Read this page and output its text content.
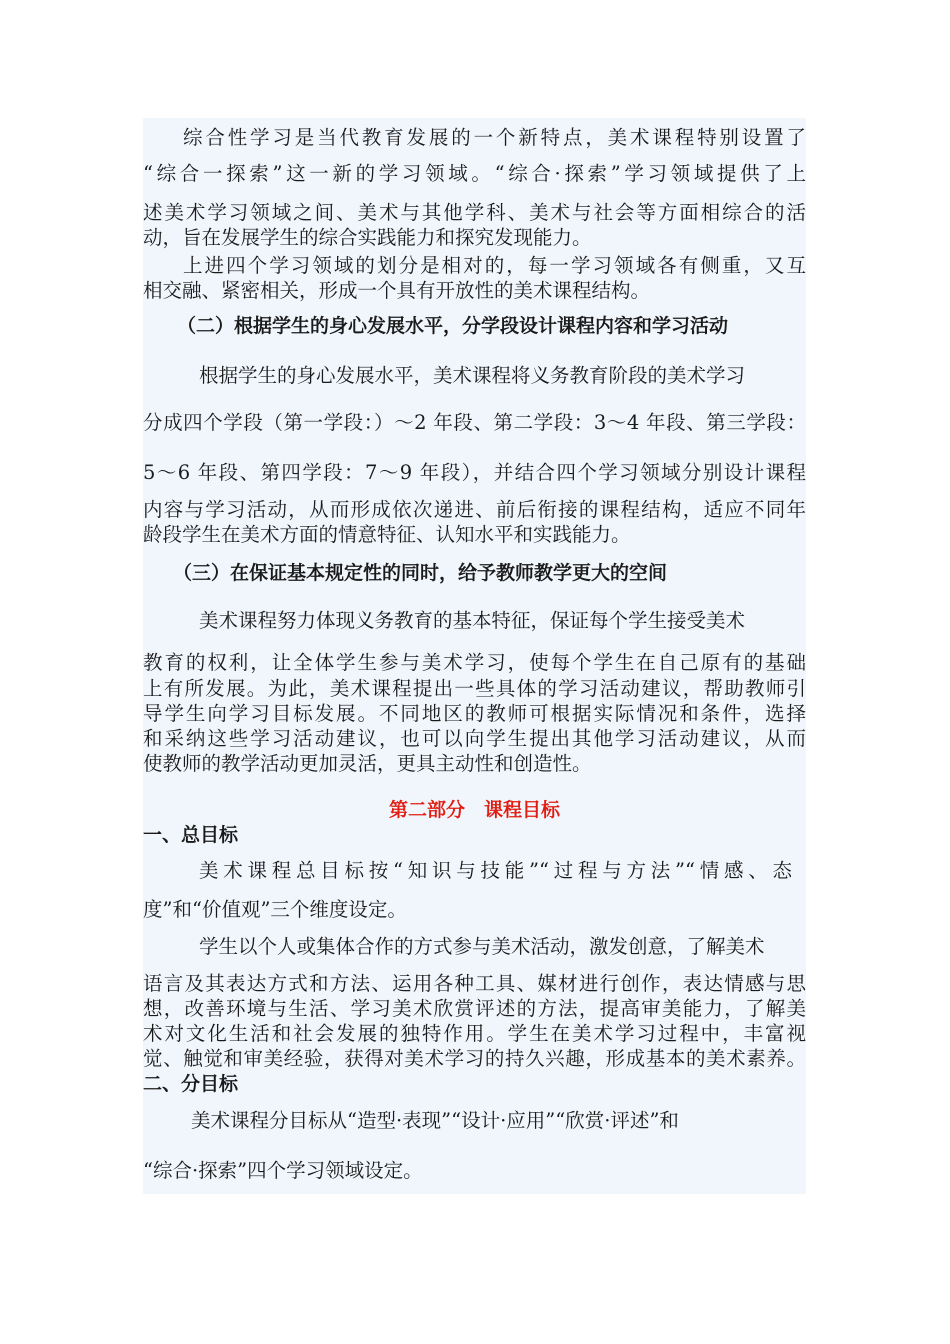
综合性学习是当代教育发展的一个新特点，美术课程特别设置了
“综合一探索”这一新的学习领域。“综合·探索”学习领域提供了上
述美术学习领域之间、美术与其他学科、美术与社会等方面相综合的活
动，旨在发展学生的综合实践能力和探究发现能力。
上进四个学习领域的划分是相对的，每一学习领域各有侧重，又互
相交融、紧密相关，形成一个具有开放性的美术课程结构。
（二）根据学生的身心发展水平，分学段设计课程内容和学习活动
根据学生的身心发展水平，美术课程将义务教育阶段的美术学习
分成四个学段（第一学段：）～2 年段、第二学段：3～4 年段、第三学段：
5～6 年段、第四学段：7～9 年段），并结合四个学习领域分别设计课程
内容与学习活动，从而形成依次递进、前后衔接的课程结构，适应不同年
龄段学生在美术方面的情意特征、认知水平和实践能力。
（三）在保证基本规定性的同时，给予教师教学更大的空间
美术课程努力体现义务教育的基本特征，保证每个学生接受美术
教育的权利，让全体学生参与美术学习，使每个学生在自己原有的基础
上有所发展。为此，美术课程提出一些具体的学习活动建议，帮助教师引
导学生向学习目标发展。不同地区的教师可根据实际情况和条件，选择
和采纳这些学习活动建议，也可以向学生提出其他学习活动建议，从而
使教师的教学活动更加灵活，更具主动性和创造性。
第二部分　课程目标
一、总目标
美术课程总目标按“知识与技能”“过程与方法”“情感、态
度”和“价值观”三个维度设定。
学生以个人或集体合作的方式参与美术活动，激发创意，了解美术
语言及其表达方式和方法、运用各种工具、媒材进行创作，表达情感与思
想，改善环境与生活、学习美术欣赏评述的方法，提高审美能力，了解美
术对文化生活和社会发展的独特作用。学生在美术学习过程中，丰富视
觉、触觉和审美经验，获得对美术学习的持久兴趣，形成基本的美术素养。
二、分目标
美术课程分目标从“造型·表现”“设计·应用”“欣赏·评述”和
“综合·探索”四个学习领域设定。
